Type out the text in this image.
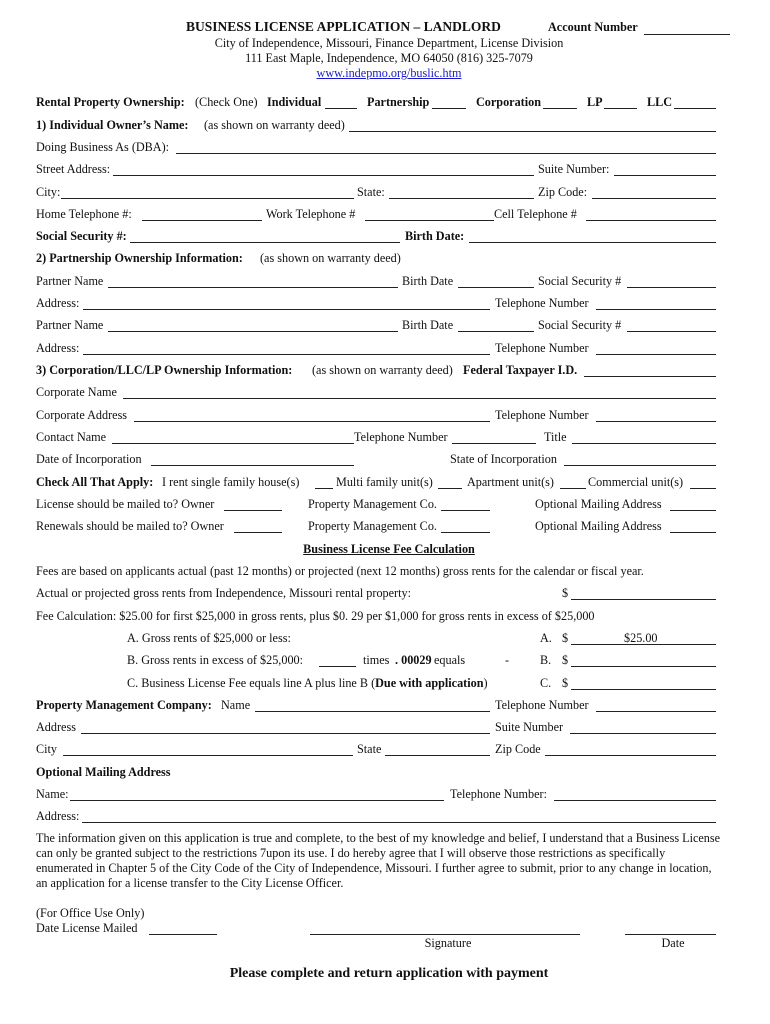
BUSINESS LICENSE APPLICATION – LANDLORD	Account Number
City of Independence, Missouri, Finance Department, License Division
111 East Maple, Independence, MO 64050 (816) 325-7079
www.indepmo.org/buslic.htm
Rental Property Ownership: (Check One) Individual	Partnership	Corporation	LP	LLC
1) Individual Owner’s Name: (as shown on warranty deed)
Doing Business As (DBA):
Street Address:	Suite Number:
City:	State:	Zip Code:
Home Telephone #:	Work Telephone #	Cell Telephone #
Social Security #:	Birth Date:
2) Partnership Ownership Information: (as shown on warranty deed)
Partner Name	Birth Date	Social Security #
Address:	Telephone Number
Partner Name	Birth Date	Social Security #
Address:	Telephone Number
3) Corporation/LLC/LP Ownership Information: (as shown on warranty deed) Federal Taxpayer I.D.
Corporate Name
Corporate Address	Telephone Number
Contact Name	Telephone Number	Title
Date of Incorporation	State of Incorporation
Check All That Apply: I rent single family house(s)	Multi family unit(s)	Apartment unit(s)	Commercial unit(s)
License should be mailed to? Owner	Property Management Co.	Optional Mailing Address
Renewals should be mailed to? Owner	Property Management Co.	Optional Mailing Address
Business License Fee Calculation
Fees are based on applicants actual (past 12 months) or projected (next 12 months) gross rents for the calendar or fiscal year.
Actual or projected gross rents from Independence, Missouri rental property:	$
Fee Calculation: $25.00 for first $25,000 in gross rents, plus $0. 29 per $1,000 for gross rents in excess of $25,000
A. Gross rents of $25,000 or less:	A. $	$25.00
B. Gross rents in excess of $25,000:	times . 00029 equals	-	B. $
C. Business License Fee equals line A plus line B (Due with application)	C. $
Property Management Company: Name	Telephone Number
Address	Suite Number
City	State	Zip Code
Optional Mailing Address
Name:	Telephone Number:
Address:
The information given on this application is true and complete, to the best of my knowledge and belief, I understand that a Business License
can only be granted subject to the restrictions 7upon its use. I do hereby agree that I will observe those restrictions as specifically
enumerated in Chapter 5 of the City Code of the City of Independence, Missouri. I further agree to submit, prior to any change in location,
an application for a license transfer to the City License Officer.
(For Office Use Only)
Date License Mailed
Signature	Date
Please complete and return application with payment
